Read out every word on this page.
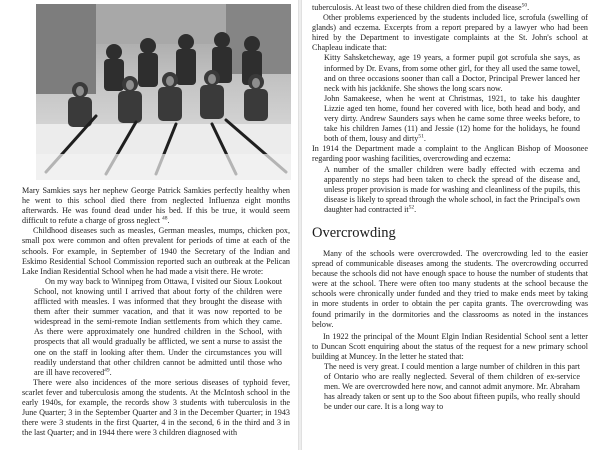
Mary Samkies says her nephew George Patrick Samkies perfectly healthy when he went to this school died there from neglected Influenza eight months afterwards. He was found dead under his bed. If this be true, it would seem difficult to refute a charge of gross neglect $^{48}$.

Childhood diseases such as measles, German measles, mumps, chicken pox, small pox were common and often prevalent for periods of time at each of the schools. For example, in September of 1940 the Secretary of the Indian and Eskimo Residential School Commission reported such an outbreak at the Pelican Lake Indian Residential School when he had made a visit there. He wrote:

On my way back to Winnipeg from Ottawa, I visited our Sioux Lookout School, not knowing until I arrived that about forty of the children were afflicted with measles. I was informed that they brought the disease with them after their summer vacation, and that it was now reported to be widespread in the semi-remote Indian settlements from which they came. As there were approximately one hundred children in the School, with prospects that all would gradually be afflicted, we sent a nurse to assist the one on the staff in looking after them. Under the circumstances you will readily understand that other children cannot be admitted until those who are ill have recovered$^{49}$.

There were also incidences of the more serious diseases of typhoid fever, scarlet fever and tuberculosis among the students. At the McIntosh school in the early 1940s, for example, the records show 3 students with tuberculosis in the June Quarter; 3 in the September Quarter and 3 in the December Quarter; in 1943 there were 3 students in the first Quarter, 4 in the second, 6 in the third and 3 in the last Quarter; and in 1944 there were 3 children diagnosed with

tuberculosis. At least two of these children died from the disease$^{50}$.

Other problems experienced by the students included lice, scrofula (swelling of glands) and eczema. Excerpts from a report prepared by a lawyer who had been hired by the Department to investigate complaints at the St. John's school at Chapleau indicate that:

Kitty Sahsketcheway, age 19 years, a former pupil got scrofula she says, as informed by Dr. Evans, from some other girl, for they all used the same towel, and on three occasions sooner than call a Doctor, Principal Prewer lanced her neck with his jackknife. She shows the long scars now.

John Samakeese, when he went at Christmas, 1921, to take his daughter Lizzie aged ten home, found her covered with lice, both head and body, and very dirty. Andrew Saunders says when he came some three weeks before, to take his children James (11) and Jessie (12) home for the holidays, he found both of them, lousy and dirty$^{51}$.

In 1914 the Department made a complaint to the Anglican Bishop of Moosonee regarding poor washing facilities, overcrowding and eczema:

A number of the smaller children were badly effected with eczema and apparently no steps had been taken to check the spread of the disease and, unless proper provision is made for washing and cleanliness of the pupils, this disease is likely to spread through the whole school, in fact the Principal's own daughter had contracted $it^{52}$.

Overcrowding

Many of the schools were overcrowded. The overcrowding led to the easier spread of communicable diseases among the students. The overcrowding occurred because the schools did not have enough space to house the number of students that were at the school. There were often too many students at the school because the schools were chronically under funded and they tried to make ends meet by taking in more students in order to obtain the per capita grants. The overcrowding was found primarily in the dormitories and the classrooms as noted in the instances below.

In 1922 the principal of the Mount Elgin Indian Residential School sent a letter to Duncan Scott enquiring about the status of the request for a new primary school building at Muncey. In the letter he stated that:

The need is very great. I could mention a large number of children in this part of Ontario who are really neglected. Several of them children of ex-service men. We are overcrowded here now, and cannot admit anymore. Mr. Abraham has already taken or sent up to the Soo about fifteen pupils, who really should be under our care. It is a long way to
